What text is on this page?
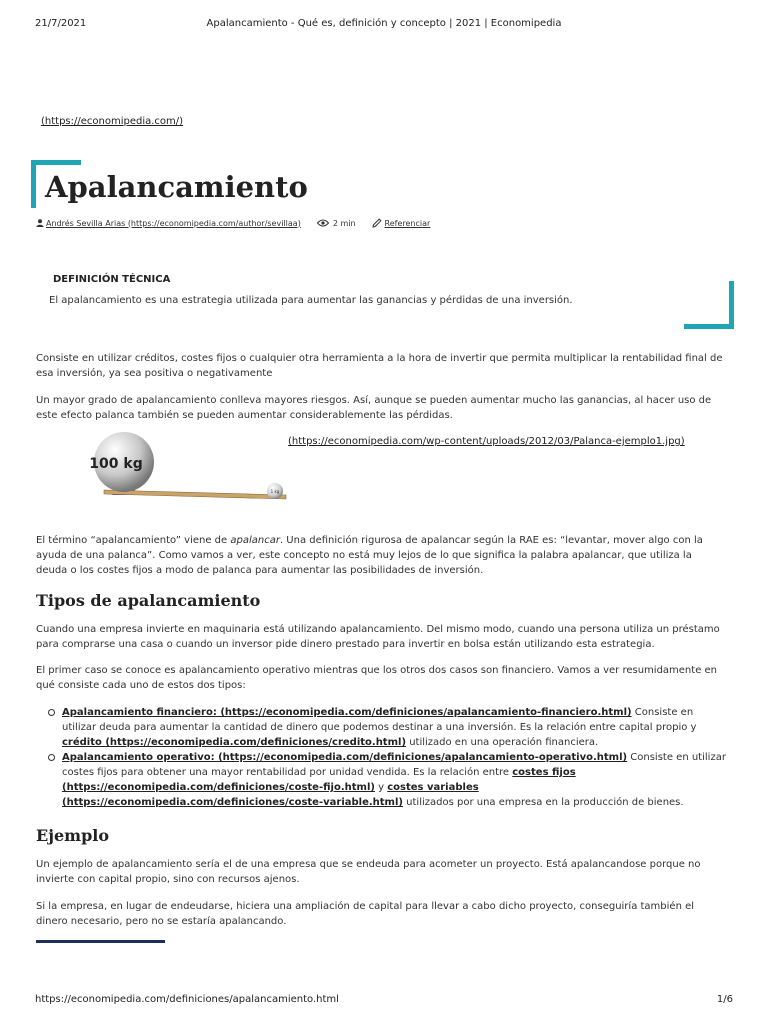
21/7/2021	Apalancamiento - Qué es, definición y concepto | 2021 | Economipedia
(https://economipedia.com/)
Apalancamiento
Andrés Sevilla Arias (https://economipedia.com/author/sevillaa)	2 min	Referenciar
DEFINICIÓN TÉCNICA
El apalancamiento es una estrategia utilizada para aumentar las ganancias y pérdidas de una inversión.

Consiste en utilizar créditos, costes fijos o cualquier otra herramienta a la hora de invertir que permita multiplicar la rentabilidad final de esa inversión, ya sea positiva o negativamente

Un mayor grado de apalancamiento conlleva mayores riesgos. Así, aunque se pueden aumentar mucho las ganancias, al hacer uso de este efecto palanca también se pueden aumentar considerablemente las pérdidas.

100 kg
1 kg
(https://economipedia.com/wp-content/uploads/2012/03/Palanca-ejemplo1.jpg)

El término “apalancamiento” viene de apalancar. Una definición rigurosa de apalancar según la RAE es: “levantar, mover algo con la ayuda de una palanca”. Como vamos a ver, este concepto no está muy lejos de lo que significa la palabra apalancar, que utiliza la deuda o los costes fijos a modo de palanca para aumentar las posibilidades de inversión.

Tipos de apalancamiento

Cuando una empresa invierte en maquinaria está utilizando apalancamiento. Del mismo modo, cuando una persona utiliza un préstamo para comprarse una casa o cuando un inversor pide dinero prestado para invertir en bolsa están utilizando esta estrategia.

El primer caso se conoce es apalancamiento operativo mientras que los otros dos casos son financiero. Vamos a ver resumidamente en qué consiste cada uno de estos dos tipos:

Apalancamiento financiero: (https://economipedia.com/definiciones/apalancamiento-financiero.html) Consiste en utilizar deuda para aumentar la cantidad de dinero que podemos destinar a una inversión. Es la relación entre capital propio y crédito (https://economipedia.com/definiciones/credito.html) utilizado en una operación financiera.
Apalancamiento operativo: (https://economipedia.com/definiciones/apalancamiento-operativo.html) Consiste en utilizar costes fijos para obtener una mayor rentabilidad por unidad vendida. Es la relación entre costes fijos (https://economipedia.com/definiciones/coste-fijo.html) y costes variables (https://economipedia.com/definiciones/coste-variable.html) utilizados por una empresa en la producción de bienes.
Ejemplo

Un ejemplo de apalancamiento sería el de una empresa que se endeuda para acometer un proyecto. Está apalancandose porque no invierte con capital propio, sino con recursos ajenos.

Si la empresa, en lugar de endeudarse, hiciera una ampliación de capital para llevar a cabo dicho proyecto, conseguiría también el dinero necesario, pero no se estaría apalancando.

https://economipedia.com/definiciones/apalancamiento.html	1/6
